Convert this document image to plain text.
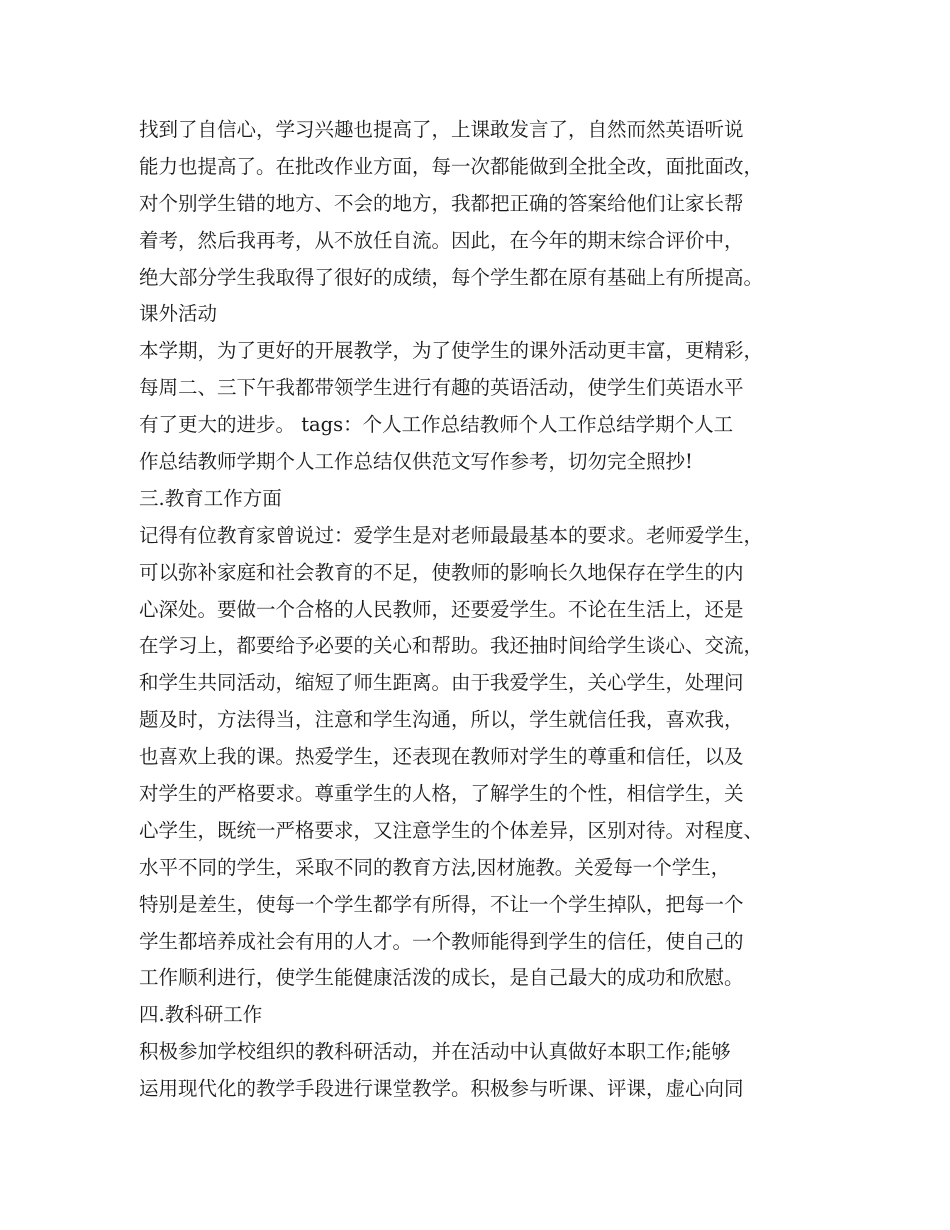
找到了自信心，学习兴趣也提高了，上课敢发言了，自然而然英语听说
能力也提高了。在批改作业方面，每一次都能做到全批全改，面批面改，
对个别学生错的地方、不会的地方，我都把正确的答案给他们让家长帮
着考，然后我再考，从不放任自流。因此，在今年的期末综合评价中，
绝大部分学生我取得了很好的成绩，每个学生都在原有基础上有所提高。
课外活动
本学期，为了更好的开展教学，为了使学生的课外活动更丰富，更精彩，
每周二、三下午我都带领学生进行有趣的英语活动，使学生们英语水平
有了更大的进步。 tags：个人工作总结教师个人工作总结学期个人工
作总结教师学期个人工作总结仅供范文写作参考，切勿完全照抄!
三.教育工作方面
记得有位教育家曾说过：爱学生是对老师最最基本的要求。老师爱学生，
可以弥补家庭和社会教育的不足，使教师的影响长久地保存在学生的内
心深处。要做一个合格的人民教师，还要爱学生。不论在生活上，还是
在学习上，都要给予必要的关心和帮助。我还抽时间给学生谈心、交流，
和学生共同活动，缩短了师生距离。由于我爱学生，关心学生，处理问
题及时，方法得当，注意和学生沟通，所以，学生就信任我，喜欢我，
也喜欢上我的课。热爱学生，还表现在教师对学生的尊重和信任，以及
对学生的严格要求。尊重学生的人格，了解学生的个性，相信学生，关
心学生，既统一严格要求，又注意学生的个体差异，区别对待。对程度、
水平不同的学生，采取不同的教育方法,因材施教。关爱每一个学生，
特别是差生，使每一个学生都学有所得，不让一个学生掉队，把每一个
学生都培养成社会有用的人才。一个教师能得到学生的信任，使自己的
工作顺利进行，使学生能健康活泼的成长，是自己最大的成功和欣慰。
四.教科研工作
积极参加学校组织的教科研活动，并在活动中认真做好本职工作;能够
运用现代化的教学手段进行课堂教学。积极参与听课、评课，虚心向同
